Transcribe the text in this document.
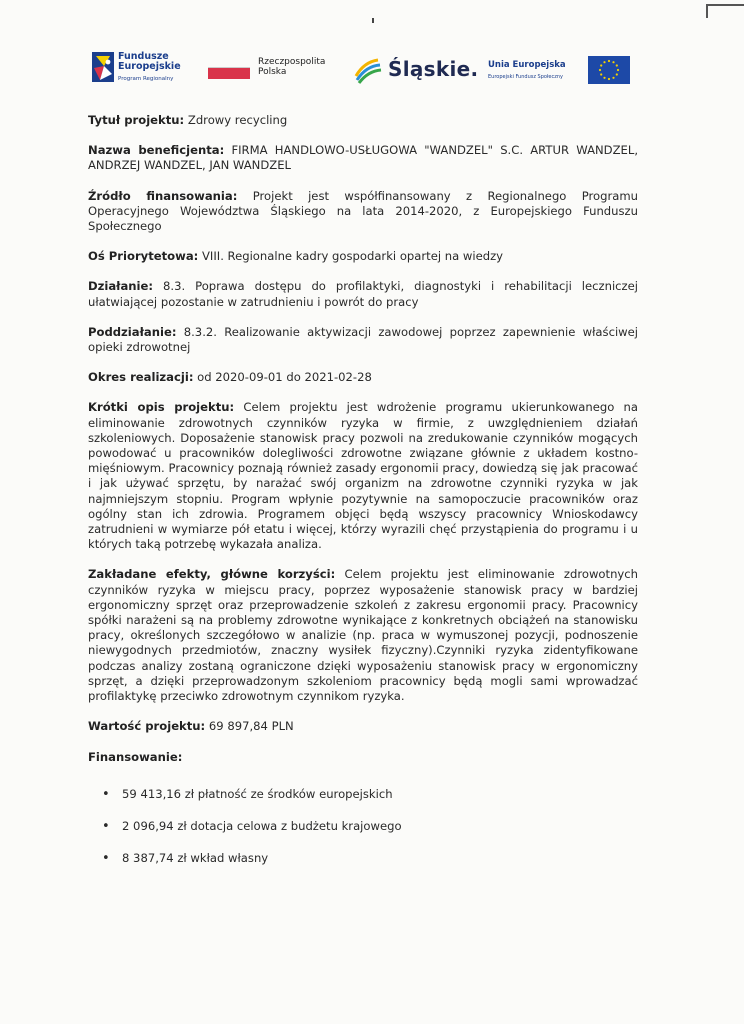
Fundusze
Europejskie
Program Regionalny
Rzeczpospolita
Polska	Śląskie. Unia Europejska
Europejski Fundusz Społeczny

Tytuł projektu: Zdrowy recycling

Nazwa beneficjenta: FIRMA HANDLOWO-USŁUGOWA "WANDZEL" S.C. ARTUR WANDZEL, ANDRZEJ WANDZEL, JAN WANDZEL

Źródło finansowania: Projekt jest współfinansowany z Regionalnego Programu Operacyjnego Województwa Śląskiego na lata 2014-2020, z Europejskiego Funduszu Społecznego

Oś Priorytetowa: VIII. Regionalne kadry gospodarki opartej na wiedzy

Działanie: 8.3. Poprawa dostępu do profilaktyki, diagnostyki i rehabilitacji leczniczej ułatwiającej pozostanie w zatrudnieniu i powrót do pracy

Poddziałanie: 8.3.2. Realizowanie aktywizacji zawodowej poprzez zapewnienie właściwej opieki zdrowotnej

Okres realizacji: od 2020-09-01 do 2021-02-28

Krótki opis projektu: Celem projektu jest wdrożenie programu ukierunkowanego na eliminowanie zdrowotnych czynników ryzyka w firmie, z uwzględnieniem działań szkoleniowych. Doposażenie stanowisk pracy pozwoli na zredukowanie czynników mogących powodować u pracowników dolegliwości zdrowotne związane głównie z układem kostno-mięśniowym. Pracownicy poznają również zasady ergonomii pracy, dowiedzą się jak pracować i jak używać sprzętu, by narażać swój organizm na zdrowotne czynniki ryzyka w jak najmniejszym stopniu. Program wpłynie pozytywnie na samopoczucie pracowników oraz ogólny stan ich zdrowia. Programem objęci będą wszyscy pracownicy Wnioskodawcy zatrudnieni w wymiarze pół etatu i więcej, którzy wyrazili chęć przystąpienia do programu i u których taką potrzebę wykazała analiza.

Zakładane efekty, główne korzyści: Celem projektu jest eliminowanie zdrowotnych czynników ryzyka w miejscu pracy, poprzez wyposażenie stanowisk pracy w bardziej ergonomiczny sprzęt oraz przeprowadzenie szkoleń z zakresu ergonomii pracy. Pracownicy spółki narażeni są na problemy zdrowotne wynikające z konkretnych obciążeń na stanowisku pracy, określonych szczegółowo w analizie (np. praca w wymuszonej pozycji, podnoszenie niewygodnych przedmiotów, znaczny wysiłek fizyczny).Czynniki ryzyka zidentyfikowane podczas analizy zostaną ograniczone dzięki wyposażeniu stanowisk pracy w ergonomiczny sprzęt, a dzięki przeprowadzonym szkoleniom pracownicy będą mogli sami wprowadzać profilaktykę przeciwko zdrowotnym czynnikom ryzyka.

Wartość projektu: 69 897,84 PLN

Finansowanie:

• 59 413,16 zł płatność ze środków europejskich
• 2 096,94 zł dotacja celowa z budżetu krajowego
• 8 387,74 zł wkład własny
